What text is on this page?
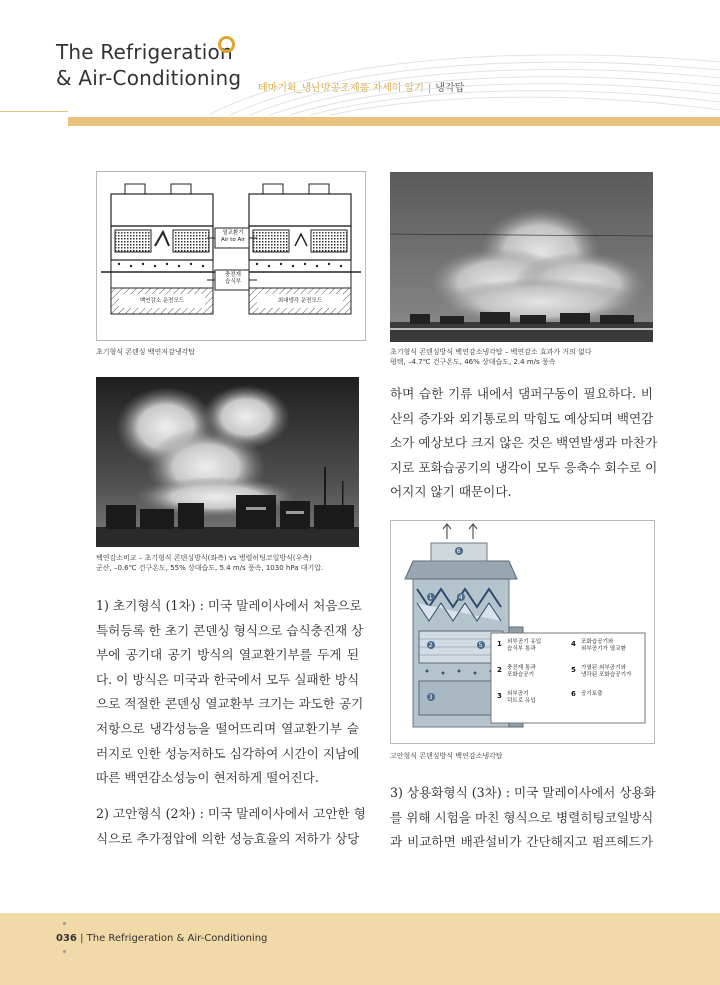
The Refrigeration
& Air-Conditioning 테마기획_냉난방공조제품 자세히 알기 | 냉각탑
열교환기
Air to Air
충전재
습식부
백연감소 운전모드	최대냉각 운전모드
초기형식 콘덴싱 백연저감냉각탑	초기형식 콘덴싱방식 백연감소냉각탑 – 백연감소 효과가 거의 없다
평택, –4.7℃ 건구온도, 46% 상대습도, 2.4 m/s 풍속
백연감소비교 – 초기형식 콘덴싱방식(좌측) vs 병렬히팅코일방식(우측)
군산, –0.6℃ 건구온도, 55% 상대습도, 5.4 m/s 풍속, 1030 hPa 대기압.
1	4
2
3
5
6
1 외부공기 유입
습식부 통과
2 충진재 통과
포화습공기
3 외부공기
덕트로 유입
4 포화습공기와
외부공기가 열교환
5 가열된 외부공기와
냉각된 포화습공기가
6 공기토출
고안형식 콘덴싱방식 백연감소냉각탑
하며 습한 기류 내에서 댐퍼구동이 필요하다. 비
산의 증가와 외기통로의 막힘도 예상되며 백연감
소가 예상보다 크지 않은 것은 백연발생과 마찬가
지로 포화습공기의 냉각이 모두 응축수 회수로 이
어지지 않기 때문이다.
1) 초기형식 (1차) : 미국 말레이사에서 처음으로
특허등록 한 초기 콘덴싱 형식으로 습식충진재 상
부에 공기대 공기 방식의 열교환기부를 두게 된
다. 이 방식은 미국과 한국에서 모두 실패한 방식
으로 적절한 콘덴싱 열교환부 크기는 과도한 공기
저항으로 냉각성능을 떨어뜨리며 열교환기부 슬
러지로 인한 성능저하도 심각하여 시간이 지남에
따른 백연감소성능이 현저하게 떨어진다.
2) 고안형식 (2차) : 미국 말레이사에서 고안한 형
식으로 추가정압에 의한 성능효율의 저하가 상당
3) 상용화형식 (3차) : 미국 말레이사에서 상용화
를 위해 시험을 마친 형식으로 병렬히팅코일방식
과 비교하면 배관설비가 간단해지고 펌프헤드가
036 | The Refrigeration & Air-Conditioning
